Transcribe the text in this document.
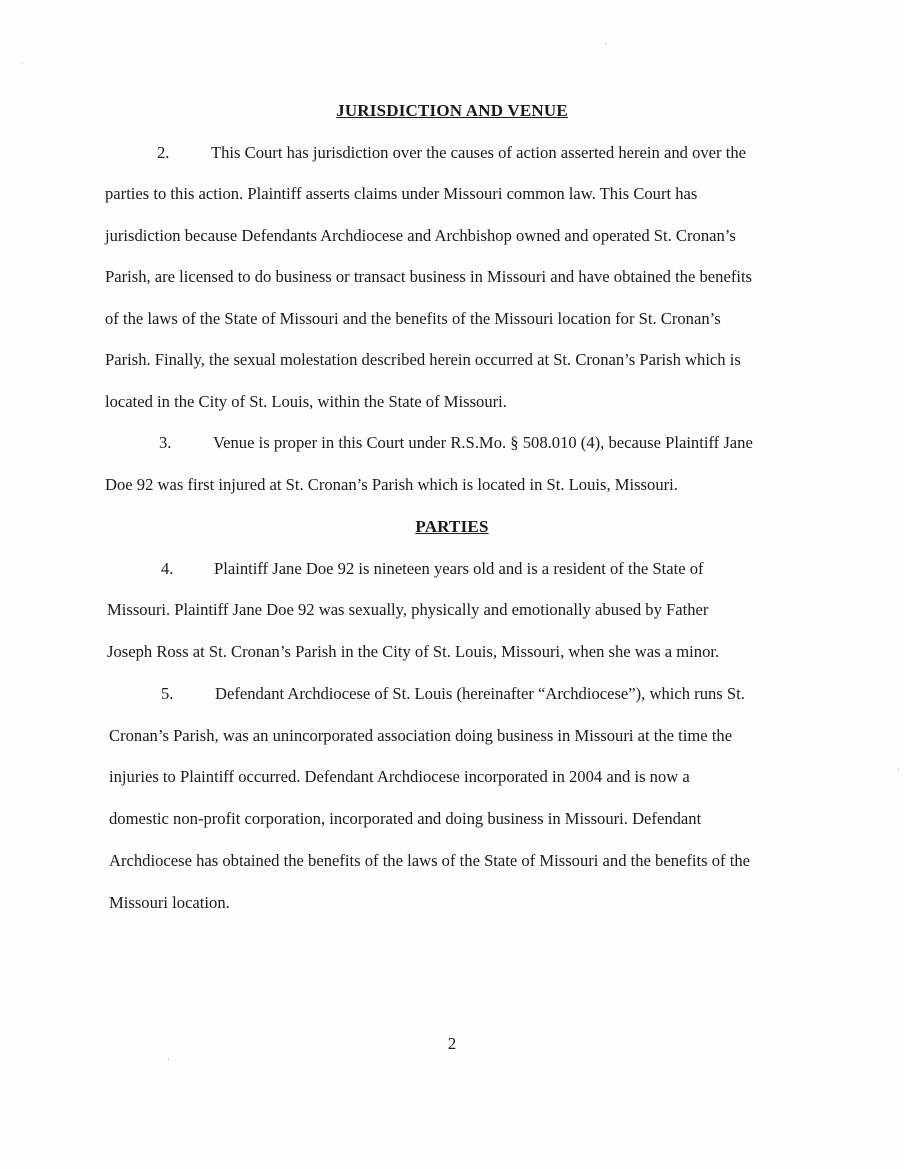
JURISDICTION AND VENUE
2.	This Court has jurisdiction over the causes of action asserted herein and over the
parties to this action. Plaintiff asserts claims under Missouri common law. This Court has
jurisdiction because Defendants Archdiocese and Archbishop owned and operated St. Cronan’s
Parish, are licensed to do business or transact business in Missouri and have obtained the benefits
of the laws of the State of Missouri and the benefits of the Missouri location for St. Cronan’s
Parish. Finally, the sexual molestation described herein occurred at St. Cronan’s Parish which is
located in the City of St. Louis, within the State of Missouri.
3.	Venue is proper in this Court under R.S.Mo. § 508.010 (4), because Plaintiff Jane
Doe 92 was first injured at St. Cronan’s Parish which is located in St. Louis, Missouri.
PARTIES
4. Plaintiff Jane Doe 92 is nineteen years old and is a resident of the State of
Missouri. Plaintiff Jane Doe 92 was sexually, physically and emotionally abused by Father
Joseph Ross at St. Cronan’s Parish in the City of St. Louis, Missouri, when she was a minor.
5.	Defendant Archdiocese of St. Louis (hereinafter “Archdiocese”), which runs St.
Cronan’s Parish, was an unincorporated association doing business in Missouri at the time the
injuries to Plaintiff occurred. Defendant Archdiocese incorporated in 2004 and is now a
domestic non-profit corporation, incorporated and doing business in Missouri. Defendant
Archdiocese has obtained the benefits of the laws of the State of Missouri and the benefits of the
Missouri location.
2
